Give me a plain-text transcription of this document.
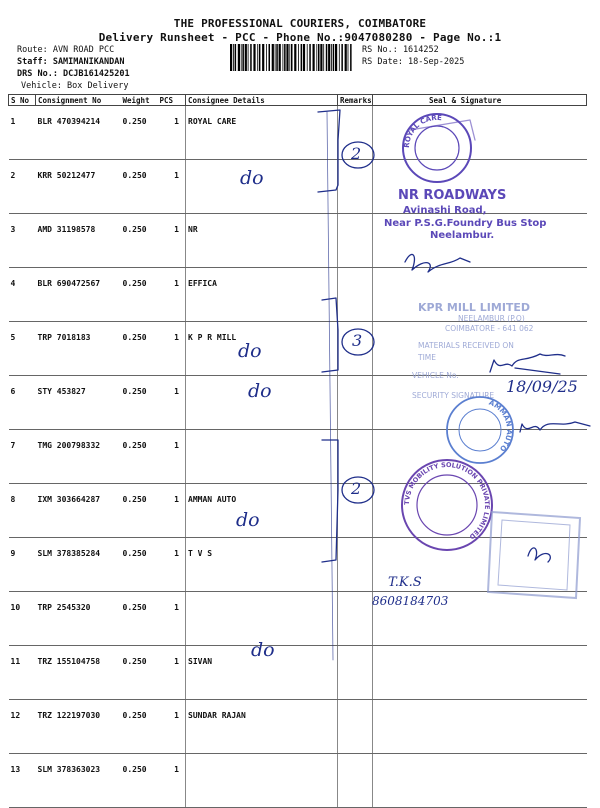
THE PROFESSIONAL COURIERS, COIMBATORE
Delivery Runsheet - PCC - Phone No.:9047080280 - Page No.:1
Route: AVN ROAD PCC
Staff: SAMIMANIKANDAN
DRS No.: DCJB161425201
Vehicle: Box Delivery
RS No.: 1614252
RS Date: 18-Sep-2025
S No	Consignment No	Weight	PCS	Consignee Details	Remarks	Seal & Signature
1	BLR 470394214	0.250	1	ROYAL CARE		
2	KRR 50212477	0.250	1			
3	AMD 31198578	0.250	1	NR		
4	BLR 690472567	0.250	1	EFFICA		
5	TRP 7018183	0.250	1	K P R MILL		
6	STY 453827	0.250	1			
7	TMG 200798332	0.250	1			
8	IXM 303664287	0.250	1	AMMAN AUTO		
9	SLM 378385284	0.250	1	T V S		
10	TRP 2545320	0.250	1			
11	TRZ 155104758	0.250	1	SIVAN		
12	TRZ 122197030	0.250	1	SUNDAR RAJAN		
13	SLM 378363023	0.250	1			
ROYAL CARE
NR ROADWAYS
Avinashi Road,
Near P.S.G.Foundry Bus Stop
Neelambur.
KPR MILL LIMITED
NEELAMBUR (P.O)
COIMBATORE - 641 062
MATERIALS RECEIVED ON
TIME
VEHICLE No.
SECURITY SIGNATURE
AMMAN AUTO
TVS MOBILITY SOLUTION PRIVATE LIMITED
do
do
do
do
do
2
3
2
18/09/25
T.K.S
8608184703
